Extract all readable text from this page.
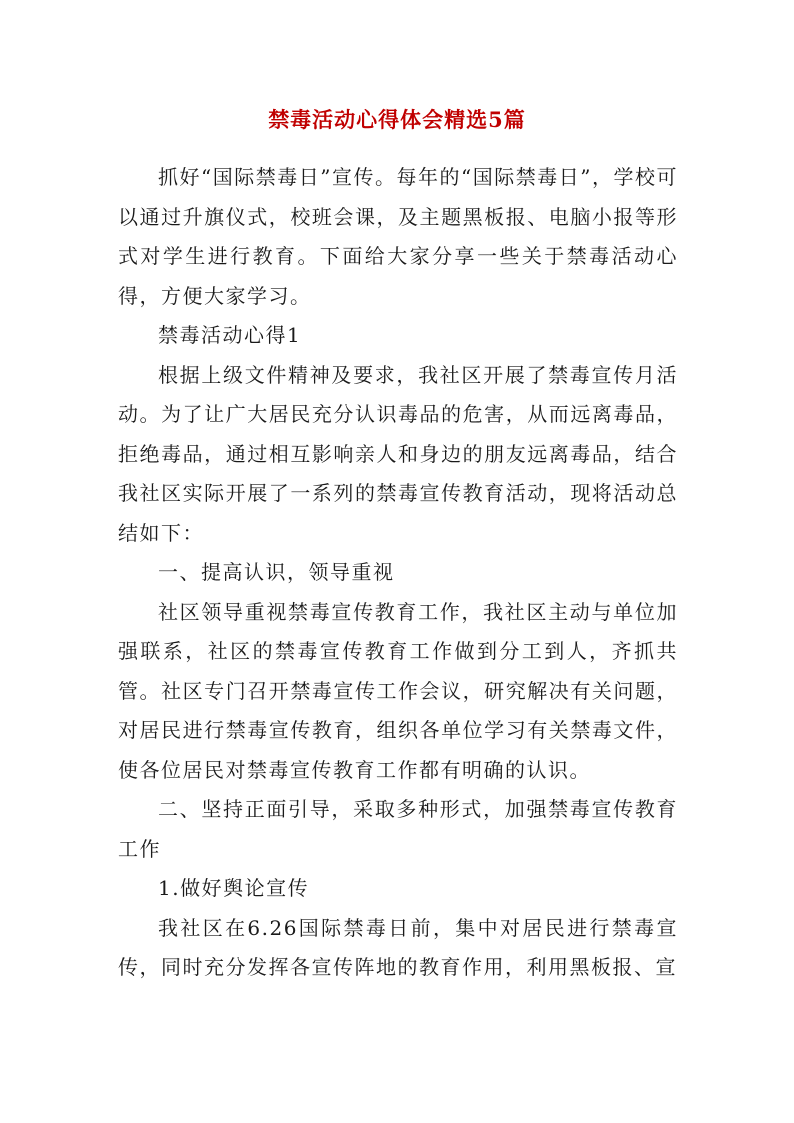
禁毒活动心得体会精选5篇

抓好“国际禁毒日”宣传。每年的“国际禁毒日”，学校可以通过升旗仪式，校班会课，及主题黑板报、电脑小报等形式对学生进行教育。下面给大家分享一些关于禁毒活动心得，方便大家学习。

禁毒活动心得1

根据上级文件精神及要求，我社区开展了禁毒宣传月活动。为了让广大居民充分认识毒品的危害，从而远离毒品，拒绝毒品，通过相互影响亲人和身边的朋友远离毒品，结合我社区实际开展了一系列的禁毒宣传教育活动，现将活动总结如下：

一、提高认识，领导重视

社区领导重视禁毒宣传教育工作，我社区主动与单位加强联系，社区的禁毒宣传教育工作做到分工到人，齐抓共管。社区专门召开禁毒宣传工作会议，研究解决有关问题，对居民进行禁毒宣传教育，组织各单位学习有关禁毒文件，使各位居民对禁毒宣传教育工作都有明确的认识。

二、坚持正面引导，采取多种形式，加强禁毒宣传教育工作

1.做好舆论宣传

我社区在6.26国际禁毒日前，集中对居民进行禁毒宣传，同时充分发挥各宣传阵地的教育作用，利用黑板报、宣
